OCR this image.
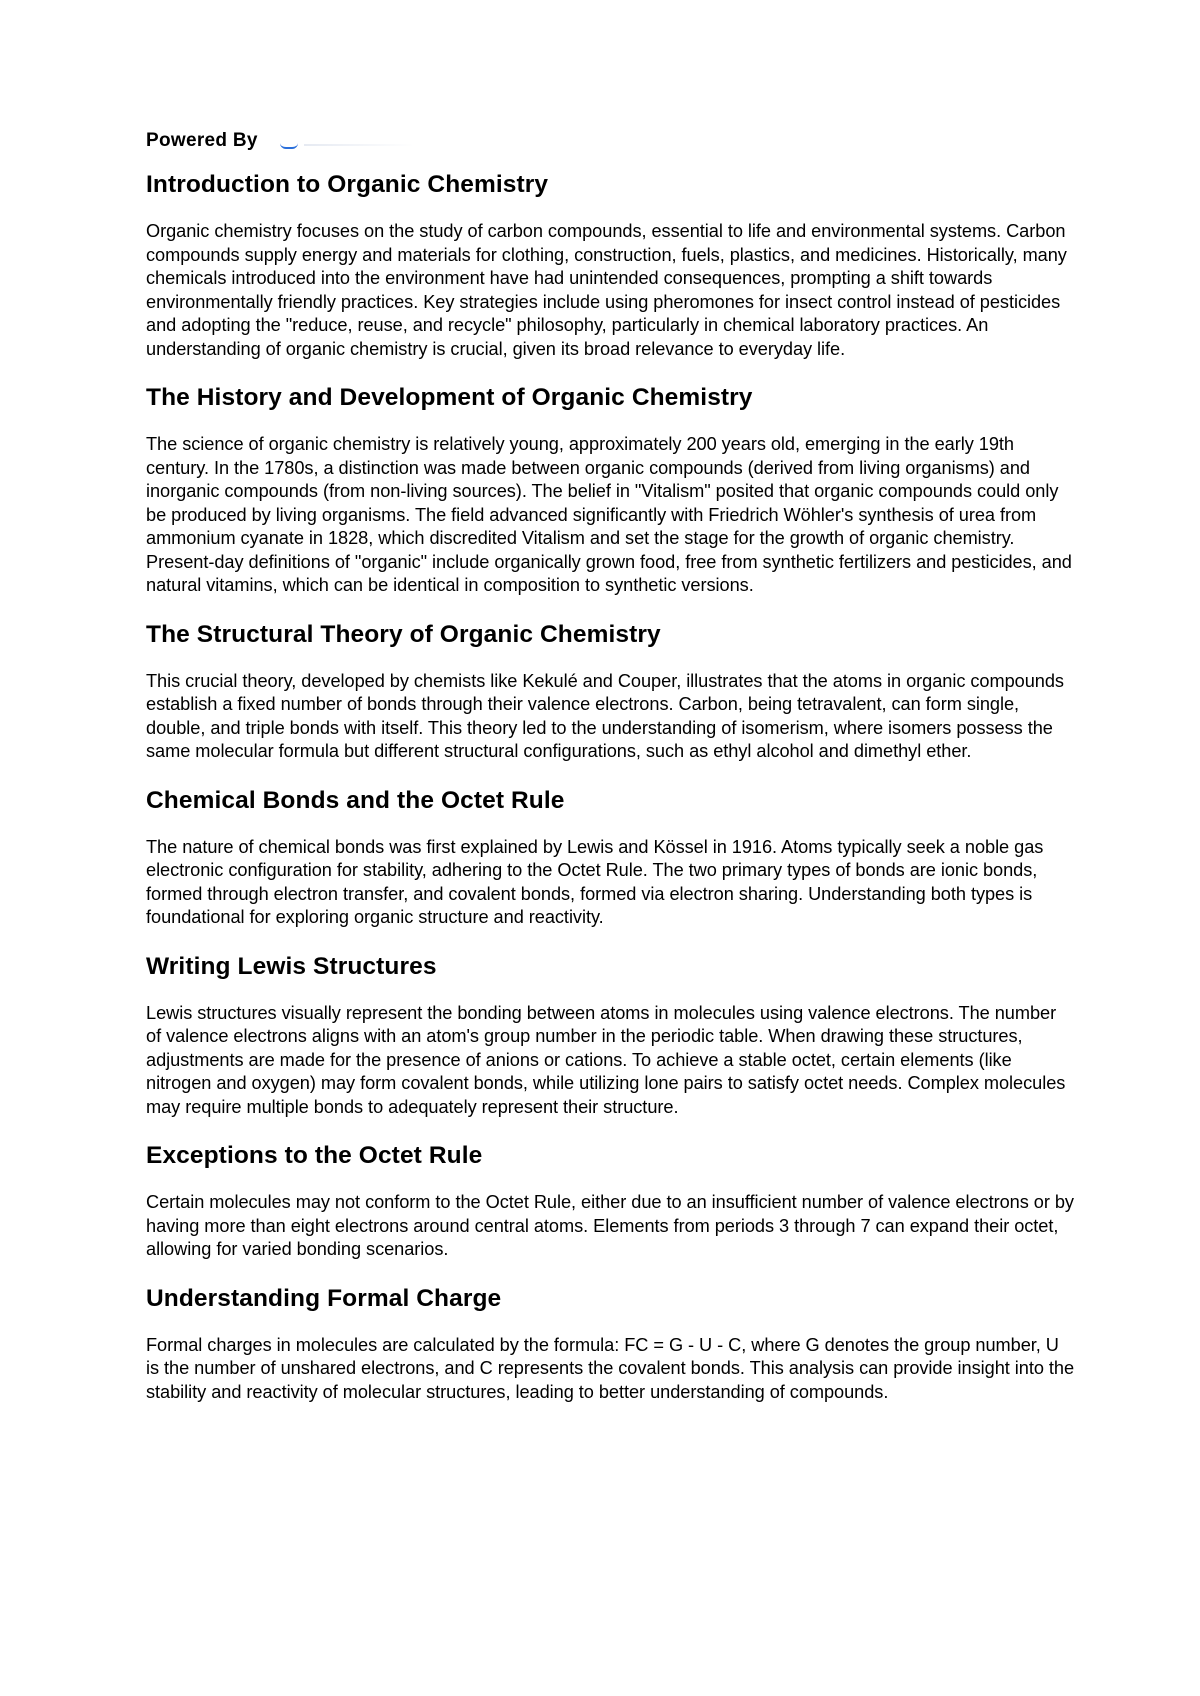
Powered By
Introduction to Organic Chemistry

Organic chemistry focuses on the study of carbon compounds, essential to life and environmental systems. Carbon compounds supply energy and materials for clothing, construction, fuels, plastics, and medicines. Historically, many chemicals introduced into the environment have had unintended consequences, prompting a shift towards environmentally friendly practices. Key strategies include using pheromones for insect control instead of pesticides and adopting the "reduce, reuse, and recycle" philosophy, particularly in chemical laboratory practices. An understanding of organic chemistry is crucial, given its broad relevance to everyday life.

The History and Development of Organic Chemistry

The science of organic chemistry is relatively young, approximately 200 years old, emerging in the early 19th century. In the 1780s, a distinction was made between organic compounds (derived from living organisms) and inorganic compounds (from non-living sources). The belief in "Vitalism" posited that organic compounds could only be produced by living organisms. The field advanced significantly with Friedrich Wöhler's synthesis of urea from ammonium cyanate in 1828, which discredited Vitalism and set the stage for the growth of organic chemistry. Present-day definitions of "organic" include organically grown food, free from synthetic fertilizers and pesticides, and natural vitamins, which can be identical in composition to synthetic versions.

The Structural Theory of Organic Chemistry

This crucial theory, developed by chemists like Kekulé and Couper, illustrates that the atoms in organic compounds establish a fixed number of bonds through their valence electrons. Carbon, being tetravalent, can form single, double, and triple bonds with itself. This theory led to the understanding of isomerism, where isomers possess the same molecular formula but different structural configurations, such as ethyl alcohol and dimethyl ether.

Chemical Bonds and the Octet Rule

The nature of chemical bonds was first explained by Lewis and Kössel in 1916. Atoms typically seek a noble gas electronic configuration for stability, adhering to the Octet Rule. The two primary types of bonds are ionic bonds, formed through electron transfer, and covalent bonds, formed via electron sharing. Understanding both types is foundational for exploring organic structure and reactivity.

Writing Lewis Structures

Lewis structures visually represent the bonding between atoms in molecules using valence electrons. The number of valence electrons aligns with an atom's group number in the periodic table. When drawing these structures, adjustments are made for the presence of anions or cations. To achieve a stable octet, certain elements (like nitrogen and oxygen) may form covalent bonds, while utilizing lone pairs to satisfy octet needs. Complex molecules may require multiple bonds to adequately represent their structure.

Exceptions to the Octet Rule

Certain molecules may not conform to the Octet Rule, either due to an insufficient number of valence electrons or by having more than eight electrons around central atoms. Elements from periods 3 through 7 can expand their octet, allowing for varied bonding scenarios.

Understanding Formal Charge

Formal charges in molecules are calculated by the formula: FC = G - U - C, where G denotes the group number, U is the number of unshared electrons, and C represents the covalent bonds. This analysis can provide insight into the stability and reactivity of molecular structures, leading to better understanding of compounds.
